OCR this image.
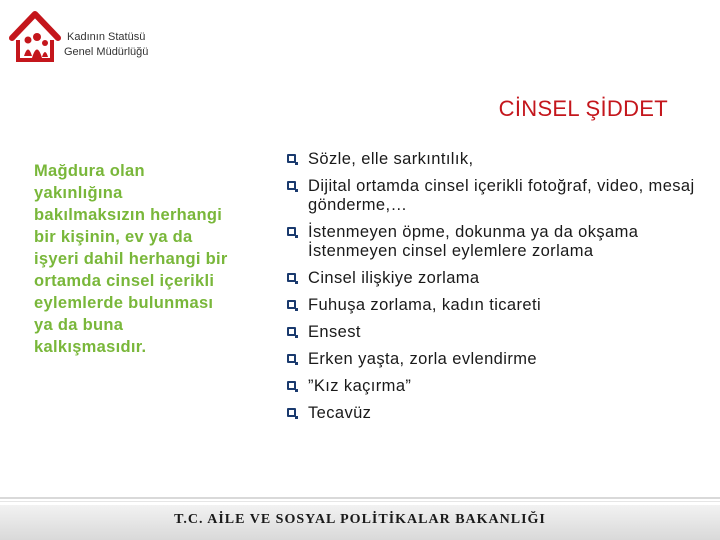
Kadının Statüsü
Genel Müdürlüğü
CİNSEL ŞİDDET
Mağdura olan yakınlığına bakılmaksızın herhangi bir kişinin, ev ya da işyeri dahil herhangi bir ortamda cinsel içerikli eylemlerde bulunması ya da buna kalkışmasıdır.
Sözle, elle sarkıntılık,
Dijital ortamda cinsel içerikli fotoğraf, video, mesaj gönderme,…
İstenmeyen öpme, dokunma ya da okşama İstenmeyen cinsel eylemlere zorlama
Cinsel ilişkiye zorlama
Fuhuşa zorlama, kadın ticareti
Ensest
Erken yaşta, zorla evlendirme
”Kız kaçırma”
Tecavüz
T.C. AİLE VE SOSYAL POLİTİKALAR BAKANLIĞI
